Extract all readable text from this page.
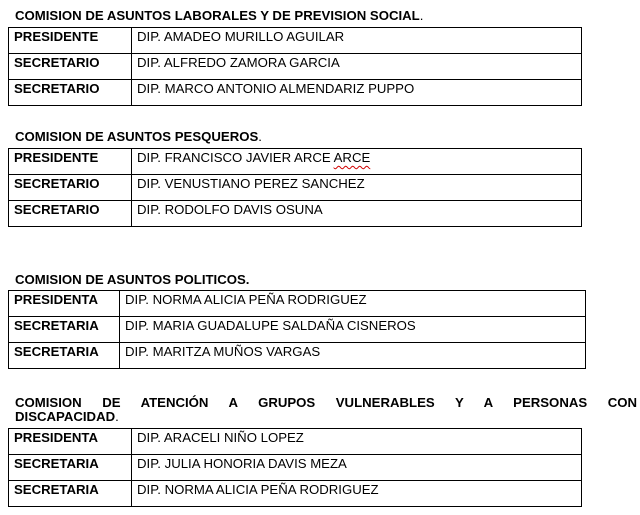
COMISION DE ASUNTOS LABORALES Y DE PREVISION SOCIAL.
PRESIDENTE	DIP. AMADEO MURILLO AGUILAR
SECRETARIO	DIP. ALFREDO ZAMORA GARCIA
SECRETARIO	DIP. MARCO ANTONIO ALMENDARIZ PUPPO
COMISION DE ASUNTOS PESQUEROS.
PRESIDENTE	DIP. FRANCISCO JAVIER ARCE ARCE
SECRETARIO	DIP. VENUSTIANO PEREZ SANCHEZ
SECRETARIO	DIP. RODOLFO DAVIS OSUNA
COMISION DE ASUNTOS POLITICOS.
PRESIDENTA	DIP. NORMA ALICIA PEÑA RODRIGUEZ
SECRETARIA	DIP. MARIA GUADALUPE SALDAÑA CISNEROS
SECRETARIA	DIP. MARITZA MUÑOS VARGAS
COMISION DE ATENCIÓN A GRUPOS VULNERABLES Y A PERSONAS CON
DISCAPACIDAD.
PRESIDENTA	DIP. ARACELI NIÑO LOPEZ
SECRETARIA	DIP. JULIA HONORIA DAVIS MEZA
SECRETARIA	DIP. NORMA ALICIA PEÑA RODRIGUEZ
